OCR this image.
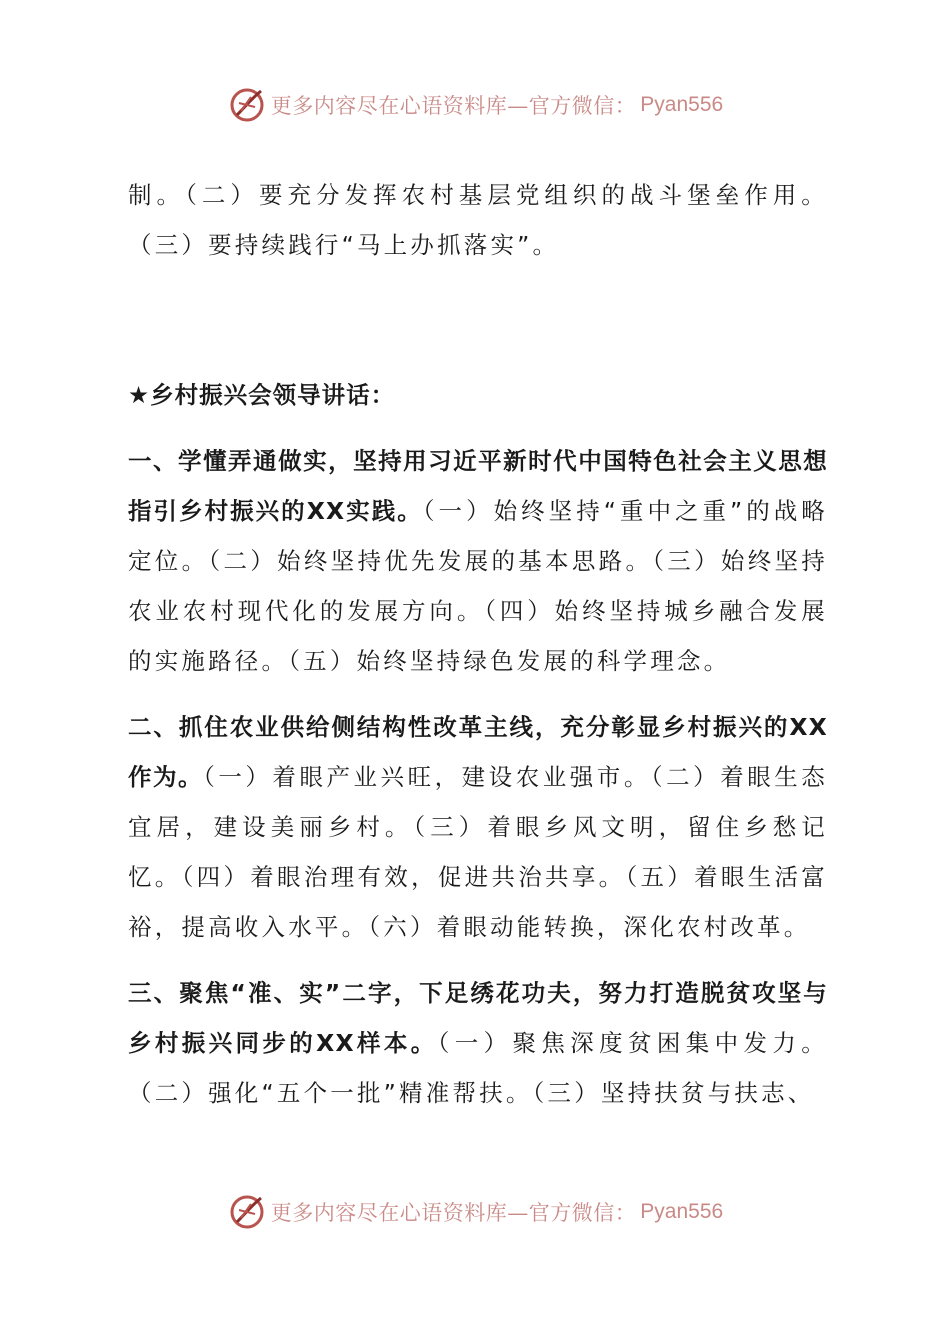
更多内容尽在心语资料库—官方微信： Pyan556

制。（二）要充分发挥农村基层党组织的战斗堡垒作用。（三）要持续践行“马上办抓落实”。

★乡村振兴会领导讲话：

一、学懂弄通做实，坚持用习近平新时代中国特色社会主义思想指引乡村振兴的XX实践。（一）始终坚持“重中之重”的战略定位。（二）始终坚持优先发展的基本思路。（三）始终坚持农业农村现代化的发展方向。（四）始终坚持城乡融合发展的实施路径。（五）始终坚持绿色发展的科学理念。

二、抓住农业供给侧结构性改革主线，充分彰显乡村振兴的XX作为。（一）着眼产业兴旺，建设农业强市。（二）着眼生态宜居，建设美丽乡村。（三）着眼乡风文明，留住乡愁记忆。（四）着眼治理有效，促进共治共享。（五）着眼生活富裕，提高收入水平。（六）着眼动能转换，深化农村改革。

三、聚焦“准、实”二字，下足绣花功夫，努力打造脱贫攻坚与乡村振兴同步的XX样本。（一）聚焦深度贫困集中发力。（二）强化“五个一批”精准帮扶。（三）坚持扶贫与扶志、

更多内容尽在心语资料库—官方微信： Pyan556
